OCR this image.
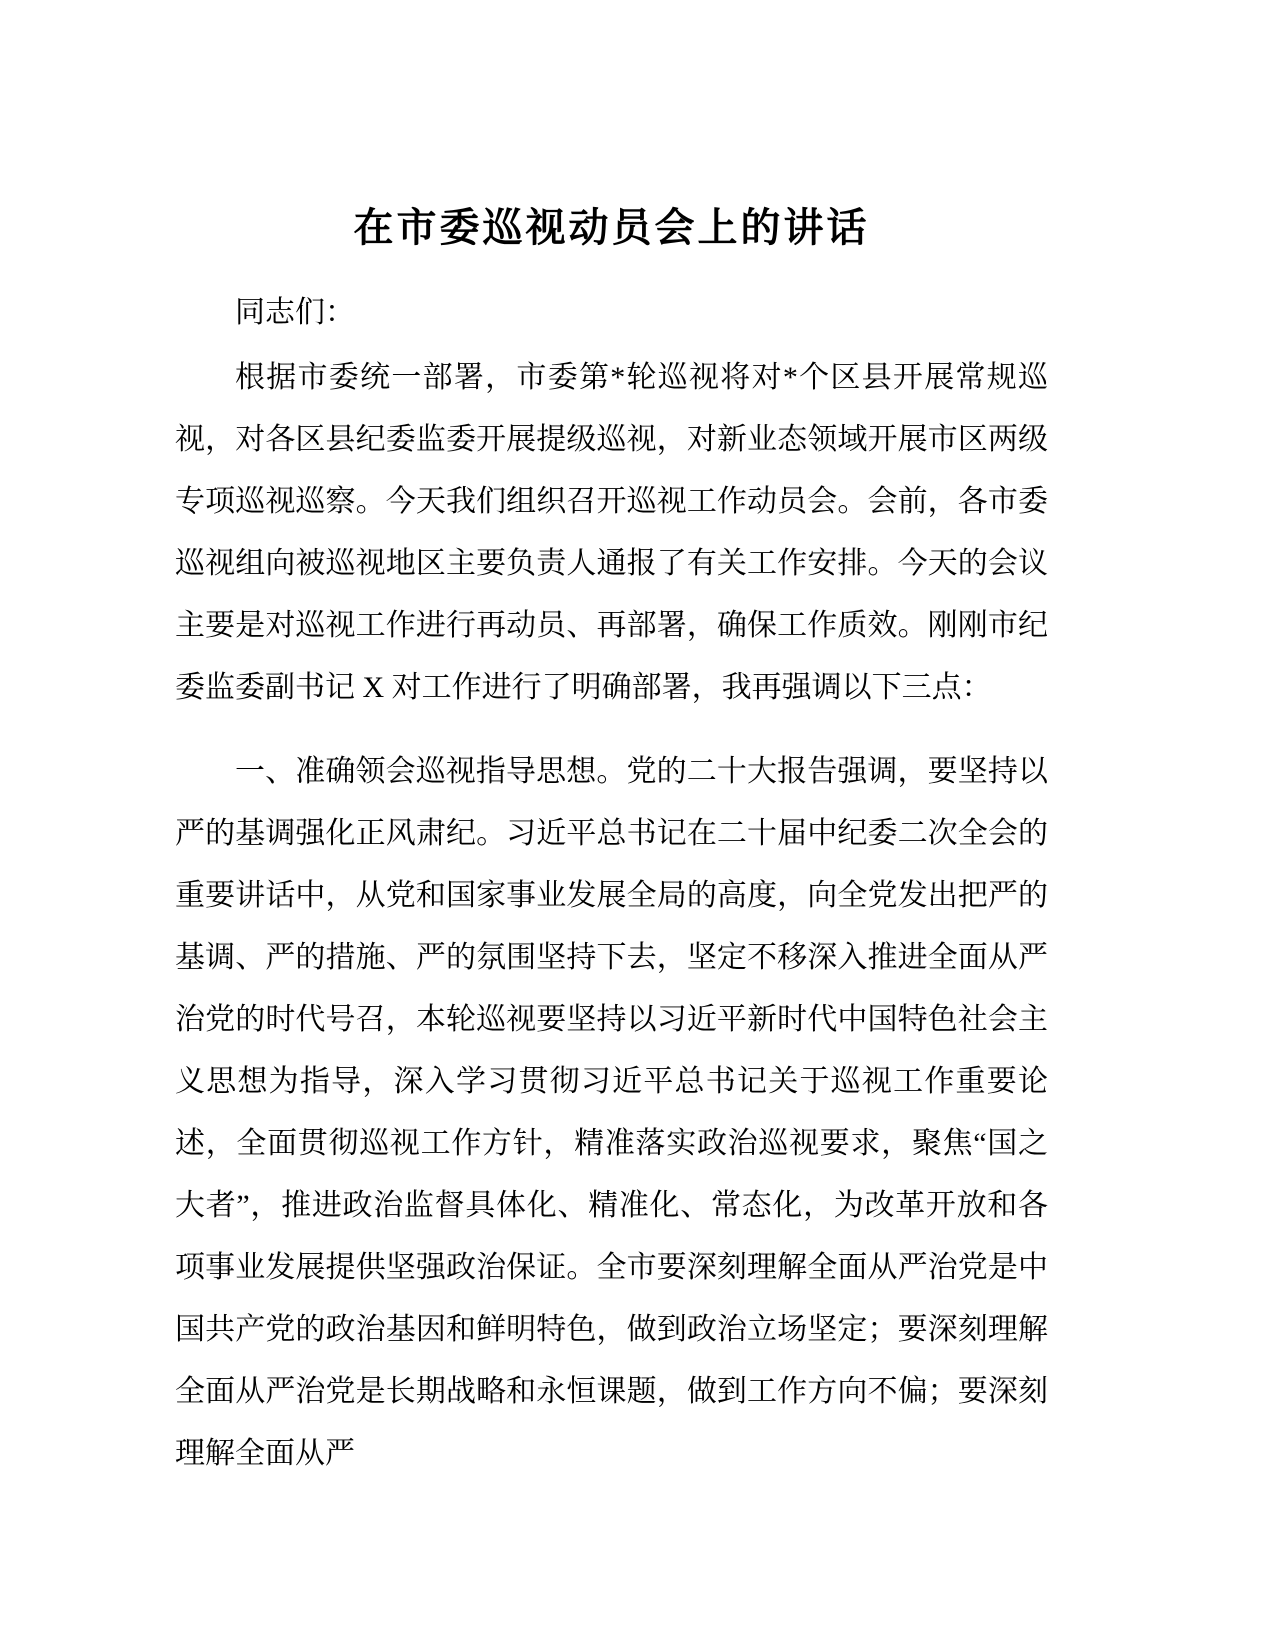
在市委巡视动员会上的讲话

同志们：

根据市委统一部署，市委第*轮巡视将对*个区县开展常规巡视，对各区县纪委监委开展提级巡视，对新业态领域开展市区两级专项巡视巡察。今天我们组织召开巡视工作动员会。会前，各市委巡视组向被巡视地区主要负责人通报了有关工作安排。今天的会议主要是对巡视工作进行再动员、再部署，确保工作质效。刚刚市纪委监委副书记 X 对工作进行了明确部署，我再强调以下三点：

一、准确领会巡视指导思想。党的二十大报告强调，要坚持以严的基调强化正风肃纪。习近平总书记在二十届中纪委二次全会的重要讲话中，从党和国家事业发展全局的高度，向全党发出把严的基调、严的措施、严的氛围坚持下去，坚定不移深入推进全面从严治党的时代号召，本轮巡视要坚持以习近平新时代中国特色社会主义思想为指导，深入学习贯彻习近平总书记关于巡视工作重要论述，全面贯彻巡视工作方针，精准落实政治巡视要求，聚焦“国之大者”，推进政治监督具体化、精准化、常态化，为改革开放和各项事业发展提供坚强政治保证。全市要深刻理解全面从严治党是中国共产党的政治基因和鲜明特色，做到政治立场坚定；要深刻理解全面从严治党是长期战略和永恒课题，做到工作方向不偏；要深刻理解全面从严
